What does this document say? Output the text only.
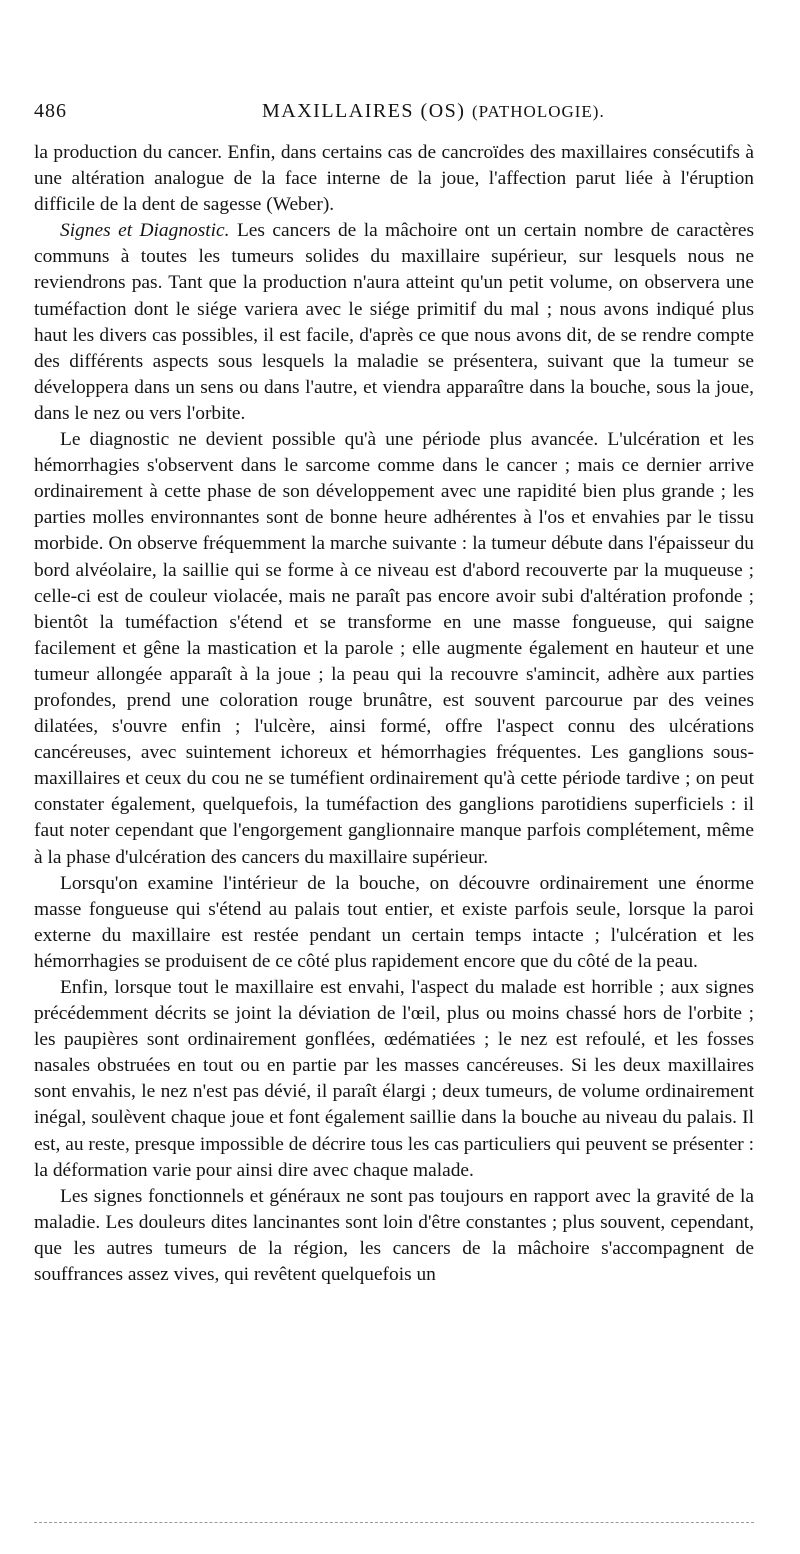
486	MAXILLAIRES (OS) (PATHOLOGIE).

la production du cancer. Enfin, dans certains cas de cancroïdes des maxillaires consécutifs à une altération analogue de la face interne de la joue, l'affection parut liée à l'éruption difficile de la dent de sagesse (Weber).

Signes et Diagnostic. Les cancers de la mâchoire ont un certain nombre de caractères communs à toutes les tumeurs solides du maxillaire supérieur, sur lesquels nous ne reviendrons pas. Tant que la production n'aura atteint qu'un petit volume, on observera une tuméfaction dont le siége variera avec le siége primitif du mal ; nous avons indiqué plus haut les divers cas possibles, il est facile, d'après ce que nous avons dit, de se rendre compte des différents aspects sous lesquels la maladie se présentera, suivant que la tumeur se développera dans un sens ou dans l'autre, et viendra apparaître dans la bouche, sous la joue, dans le nez ou vers l'orbite.

Le diagnostic ne devient possible qu'à une période plus avancée. L'ulcération et les hémorrhagies s'observent dans le sarcome comme dans le cancer ; mais ce dernier arrive ordinairement à cette phase de son développement avec une rapidité bien plus grande ; les parties molles environnantes sont de bonne heure adhérentes à l'os et envahies par le tissu morbide. On observe fréquemment la marche suivante : la tumeur débute dans l'épaisseur du bord alvéolaire, la saillie qui se forme à ce niveau est d'abord recouverte par la muqueuse ; celle-ci est de couleur violacée, mais ne paraît pas encore avoir subi d'altération profonde ; bientôt la tuméfaction s'étend et se transforme en une masse fongueuse, qui saigne facilement et gêne la mastication et la parole ; elle augmente également en hauteur et une tumeur allongée apparaît à la joue ; la peau qui la recouvre s'amincit, adhère aux parties profondes, prend une coloration rouge brunâtre, est souvent parcourue par des veines dilatées, s'ouvre enfin ; l'ulcère, ainsi formé, offre l'aspect connu des ulcérations cancéreuses, avec suintement ichoreux et hémorrhagies fréquentes. Les ganglions sous-maxillaires et ceux du cou ne se tuméfient ordinairement qu'à cette période tardive ; on peut constater également, quelquefois, la tuméfaction des ganglions parotidiens superficiels : il faut noter cependant que l'engorgement ganglionnaire manque parfois complétement, même à la phase d'ulcération des cancers du maxillaire supérieur.

Lorsqu'on examine l'intérieur de la bouche, on découvre ordinairement une énorme masse fongueuse qui s'étend au palais tout entier, et existe parfois seule, lorsque la paroi externe du maxillaire est restée pendant un certain temps intacte ; l'ulcération et les hémorrhagies se produisent de ce côté plus rapidement encore que du côté de la peau.

Enfin, lorsque tout le maxillaire est envahi, l'aspect du malade est horrible ; aux signes précédemment décrits se joint la déviation de l'œil, plus ou moins chassé hors de l'orbite ; les paupières sont ordinairement gonflées, œdématiées ; le nez est refoulé, et les fosses nasales obstruées en tout ou en partie par les masses cancéreuses. Si les deux maxillaires sont envahis, le nez n'est pas dévié, il paraît élargi ; deux tumeurs, de volume ordinairement inégal, soulèvent chaque joue et font également saillie dans la bouche au niveau du palais. Il est, au reste, presque impossible de décrire tous les cas particuliers qui peuvent se présenter : la déformation varie pour ainsi dire avec chaque malade.

Les signes fonctionnels et généraux ne sont pas toujours en rapport avec la gravité de la maladie. Les douleurs dites lancinantes sont loin d'être constantes ; plus souvent, cependant, que les autres tumeurs de la région, les cancers de la mâchoire s'accompagnent de souffrances assez vives, qui revêtent quelquefois un
